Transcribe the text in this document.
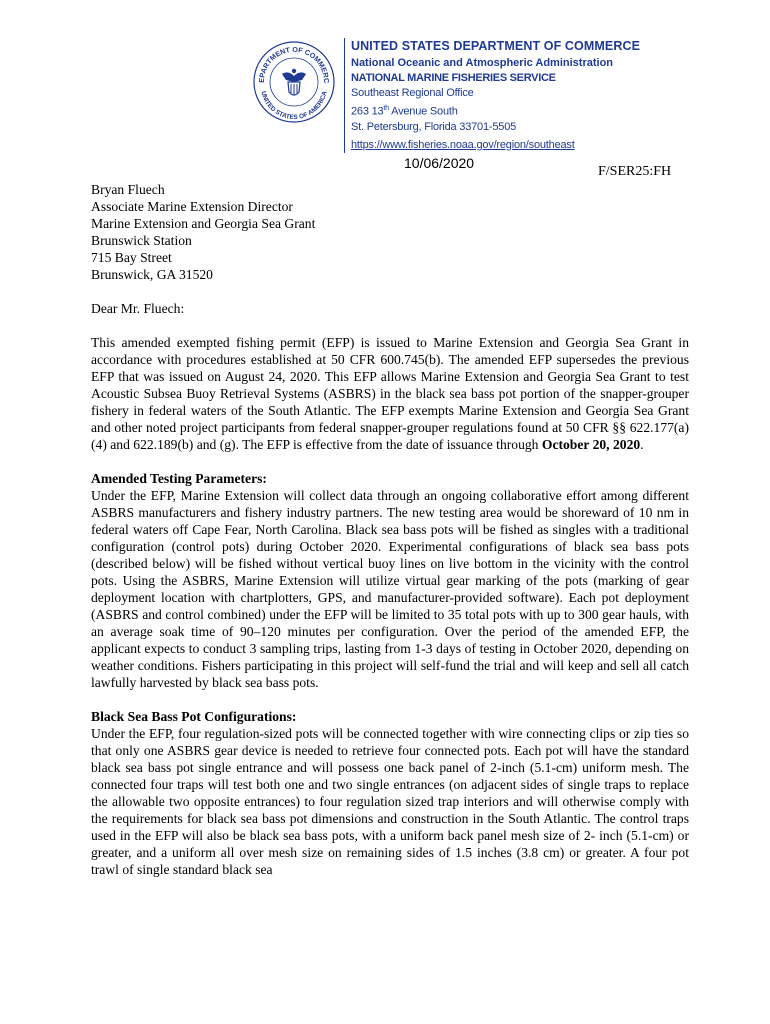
EPARTMENT OF COMMERC
UNITED STATES OF AMERICA
UNITED STATES DEPARTMENT OF COMMERCE
National Oceanic and Atmospheric Administration
NATIONAL MARINE FISHERIES SERVICE
Southeast Regional Office
263 13th Avenue South
St. Petersburg, Florida 33701-5505
https://www.fisheries.noaa.gov/region/southeast
10/06/2020
F/SER25:FH
Bryan Fluech
Associate Marine Extension Director
Marine Extension and Georgia Sea Grant
Brunswick Station
715 Bay Street
Brunswick, GA 31520
Dear Mr. Fluech:
This amended exempted fishing permit (EFP) is issued to Marine Extension and Georgia Sea Grant in accordance with procedures established at 50 CFR 600.745(b). The amended EFP supersedes the previous EFP that was issued on August 24, 2020. This EFP allows Marine Extension and Georgia Sea Grant to test Acoustic Subsea Buoy Retrieval Systems (ASBRS) in the black sea bass pot portion of the snapper-grouper fishery in federal waters of the South Atlantic. The EFP exempts Marine Extension and Georgia Sea Grant and other noted project participants from federal snapper-grouper regulations found at 50 CFR §§ 622.177(a)(4) and 622.189(b) and (g). The EFP is effective from the date of issuance through October 20, 2020.
Amended Testing Parameters:
Under the EFP, Marine Extension will collect data through an ongoing collaborative effort among different ASBRS manufacturers and fishery industry partners. The new testing area would be shoreward of 10 nm in federal waters off Cape Fear, North Carolina. Black sea bass pots will be fished as singles with a traditional configuration (control pots) during October 2020. Experimental configurations of black sea bass pots (described below) will be fished without vertical buoy lines on live bottom in the vicinity with the control pots. Using the ASBRS, Marine Extension will utilize virtual gear marking of the pots (marking of gear deployment location with chartplotters, GPS, and manufacturer-provided software). Each pot deployment (ASBRS and control combined) under the EFP will be limited to 35 total pots with up to 300 gear hauls, with an average soak time of 90–120 minutes per configuration. Over the period of the amended EFP, the applicant expects to conduct 3 sampling trips, lasting from 1-3 days of testing in October 2020, depending on weather conditions. Fishers participating in this project will self-fund the trial and will keep and sell all catch lawfully harvested by black sea bass pots.
Black Sea Bass Pot Configurations:
Under the EFP, four regulation-sized pots will be connected together with wire connecting clips or zip ties so that only one ASBRS gear device is needed to retrieve four connected pots. Each pot will have the standard black sea bass pot single entrance and will possess one back panel of 2-inch (5.1-cm) uniform mesh. The connected four traps will test both one and two single entrances (on adjacent sides of single traps to replace the allowable two opposite entrances) to four regulation sized trap interiors and will otherwise comply with the requirements for black sea bass pot dimensions and construction in the South Atlantic. The control traps used in the EFP will also be black sea bass pots, with a uniform back panel mesh size of 2- inch (5.1-cm) or greater, and a uniform all over mesh size on remaining sides of 1.5 inches (3.8 cm) or greater. A four pot trawl of single standard black sea
